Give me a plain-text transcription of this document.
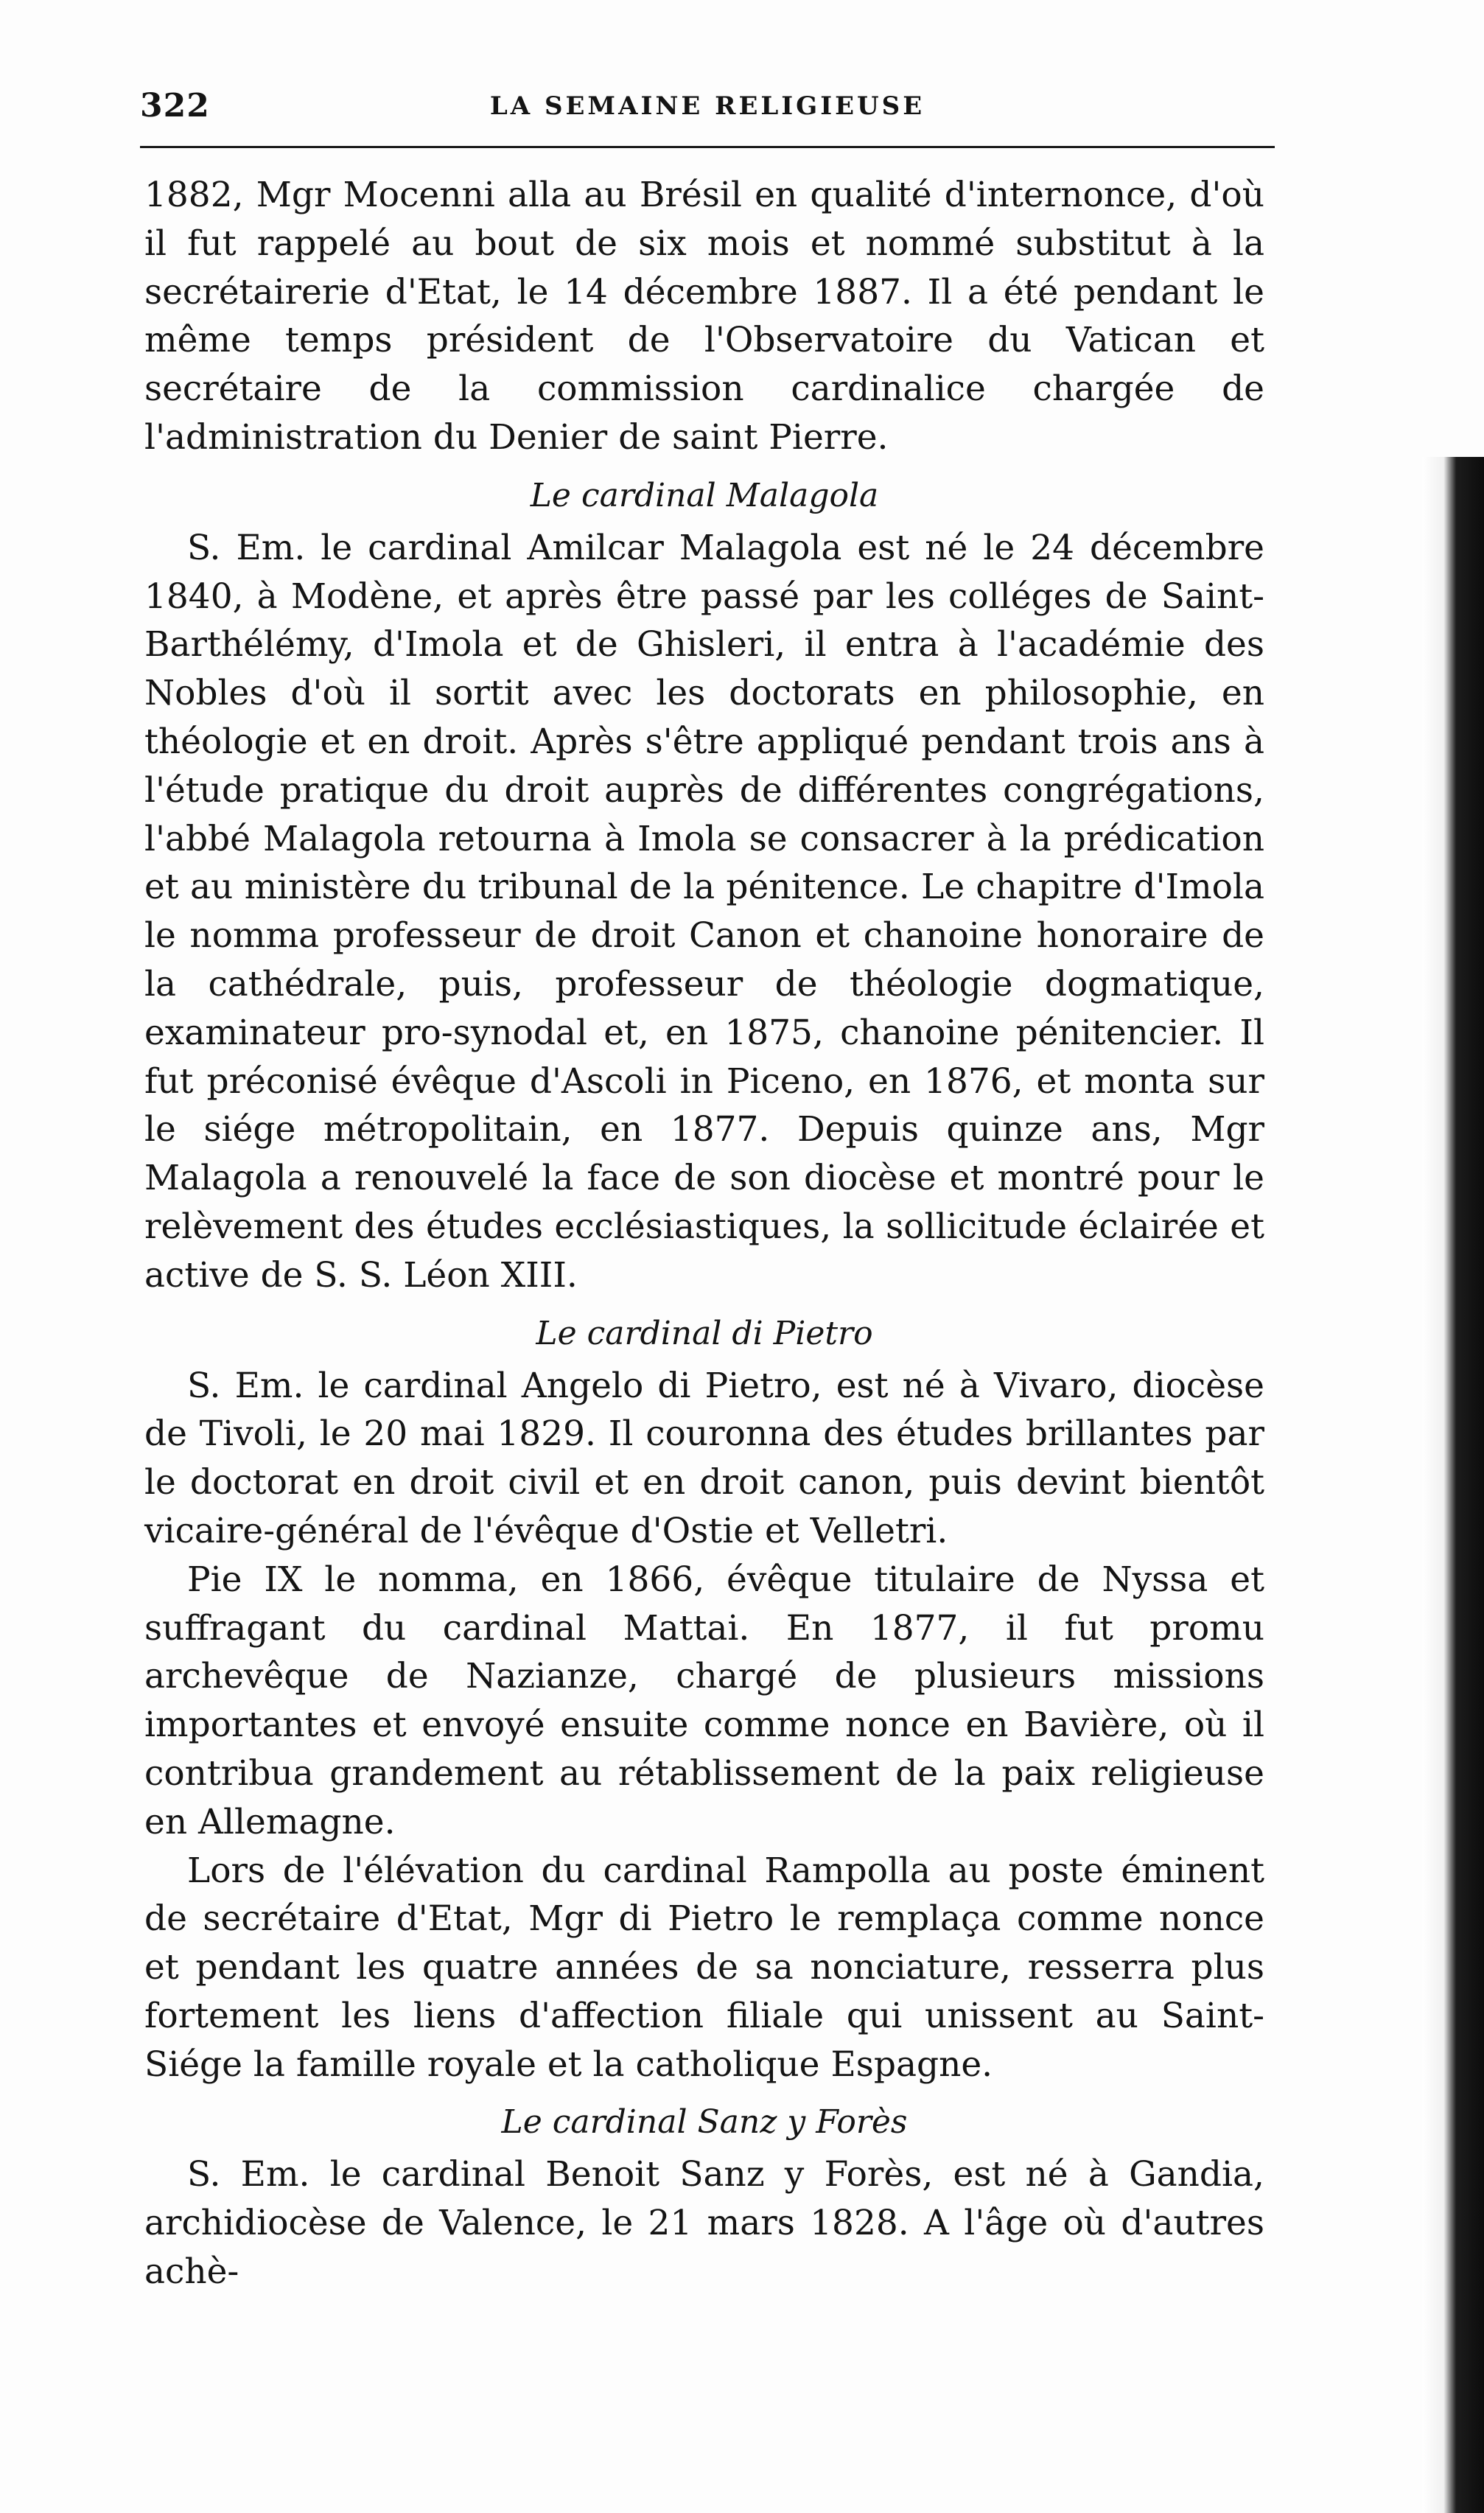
322	LA SEMAINE RELIGIEUSE

1882, Mgr Mocenni alla au Brésil en qualité d'internonce, d'où il fut rappelé au bout de six mois et nommé substitut à la secrétairerie d'Etat, le 14 décembre 1887. Il a été pendant le même temps président de l'Observatoire du Vatican et secrétaire de la commission cardinalice chargée de l'administration du Denier de saint Pierre.

Le cardinal Malagola

S. Em. le cardinal Amilcar Malagola est né le 24 décembre 1840, à Modène, et après être passé par les colléges de Saint-Barthélémy, d'Imola et de Ghisleri, il entra à l'académie des Nobles d'où il sortit avec les doctorats en philosophie, en théologie et en droit. Après s'être appliqué pendant trois ans à l'étude pratique du droit auprès de différentes congrégations, l'abbé Malagola retourna à Imola se consacrer à la prédication et au ministère du tribunal de la pénitence. Le chapitre d'Imola le nomma professeur de droit Canon et chanoine honoraire de la cathédrale, puis, professeur de théologie dogmatique, examinateur pro-synodal et, en 1875, chanoine pénitencier. Il fut préconisé évêque d'Ascoli in Piceno, en 1876, et monta sur le siége métropolitain, en 1877. Depuis quinze ans, Mgr Malagola a renouvelé la face de son diocèse et montré pour le relèvement des études ecclésiastiques, la sollicitude éclairée et active de S. S. Léon XIII.

Le cardinal di Pietro

S. Em. le cardinal Angelo di Pietro, est né à Vivaro, diocèse de Tivoli, le 20 mai 1829. Il couronna des études brillantes par le doctorat en droit civil et en droit canon, puis devint bientôt vicaire-général de l'évêque d'Ostie et Velletri.

Pie IX le nomma, en 1866, évêque titulaire de Nyssa et suffragant du cardinal Mattai. En 1877, il fut promu archevêque de Nazianze, chargé de plusieurs missions importantes et envoyé ensuite comme nonce en Bavière, où il contribua grandement au rétablissement de la paix religieuse en Allemagne.

Lors de l'élévation du cardinal Rampolla au poste éminent de secrétaire d'Etat, Mgr di Pietro le remplaça comme nonce et pendant les quatre années de sa nonciature, resserra plus fortement les liens d'affection filiale qui unissent au Saint-Siége la famille royale et la catholique Espagne.

Le cardinal Sanz y Forès

S. Em. le cardinal Benoit Sanz y Forès, est né à Gandia, archidiocèse de Valence, le 21 mars 1828. A l'âge où d'autres achè-
